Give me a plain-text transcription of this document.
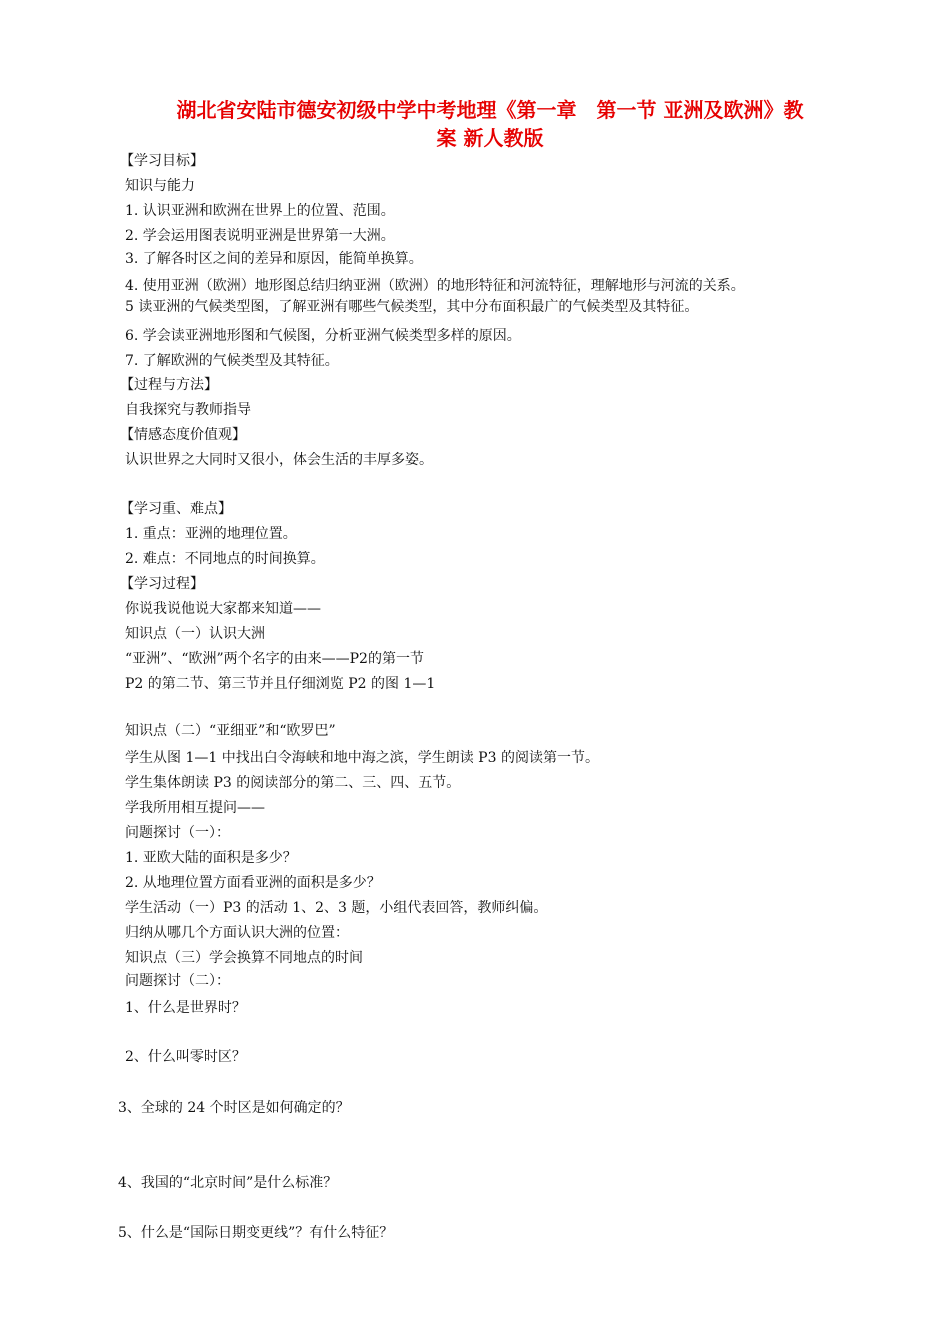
湖北省安陆市德安初级中学中考地理《第一章　第一节 亚洲及欧洲》教
案 新人教版
【学习目标】
知识与能力
1. 认识亚洲和欧洲在世界上的位置、范围。
2. 学会运用图表说明亚洲是世界第一大洲。
3. 了解各时区之间的差异和原因，能简单换算。
4. 使用亚洲（欧洲）地形图总结归纳亚洲（欧洲）的地形特征和河流特征，理解地形与河流的关系。
5 读亚洲的气候类型图，了解亚洲有哪些气候类型，其中分布面积最广的气候类型及其特征。
6. 学会读亚洲地形图和气候图，分析亚洲气候类型多样的原因。
7. 了解欧洲的气候类型及其特征。
【过程与方法】
自我探究与教师指导
【情感态度价值观】
认识世界之大同时又很小，体会生活的丰厚多姿。
【学习重、难点】
1. 重点：亚洲的地理位置。
2. 难点：不同地点的时间换算。
【学习过程】
你说我说他说大家都来知道——
知识点（一）认识大洲
“亚洲”、“欧洲”两个名字的由来——P2的第一节
P2 的第二节、第三节并且仔细浏览 P2 的图 1—1
知识点（二）“亚细亚”和“欧罗巴”
学生从图 1—1 中找出白令海峡和地中海之滨，学生朗读 P3 的阅读第一节。
学生集体朗读 P3 的阅读部分的第二、三、四、五节。
学我所用相互提问——
问题探讨（一）：
1. 亚欧大陆的面积是多少？
2. 从地理位置方面看亚洲的面积是多少？
学生活动（一）P3 的活动 1、2、3 题，小组代表回答，教师纠偏。
归纳从哪几个方面认识大洲的位置：
知识点（三）学会换算不同地点的时间
问题探讨（二）：
1、什么是世界时？
2、什么叫零时区？
3、全球的 24 个时区是如何确定的？
4、我国的“北京时间”是什么标准？
5、什么是“国际日期变更线”？有什么特征？
